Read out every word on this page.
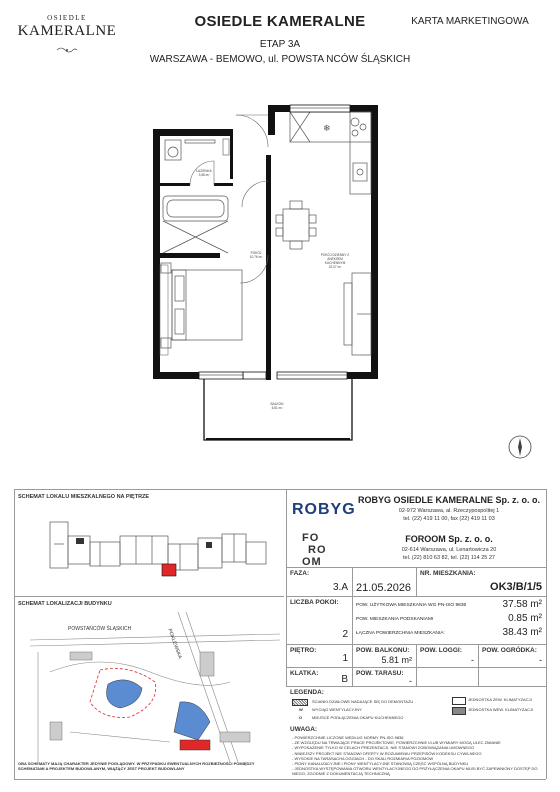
OSIEDLE
KAMERALNE
OSIEDLE KAMERALNE
ETAP 3A
WARSZAWA - BEMOWO, ul. POWSTA NCÓW ŚLĄSKICH
KARTA MARKETINGOWA
❄
ŁAZIENKA
3,58 m²
POKÓJ
10,76 m²	POKÓJ DZIENNY Z
ANEKSEM
KUCHENNYM
22,07 m²
BALKON
5,81 m²
SCHEMAT LOKALU MIESZKALNEGO NA PIĘTRZE
SCHEMAT LOKALIZACJI BUDYNKU
POWSTAŃCÓW ŚLĄSKICH	POKLEWSKA
OBA SCHEMATY MAJĄ CHARAKTER JEDYNIE POGLĄDOWY. W PRZYPADKU EWENTUALNYCH ROZBIEŻNOŚCI POMIĘDZY SCHEMATAMI A PROJEKTEM BUDOWLANYM, WIĄŻĄCY JEST PROJEKT BUDOWLANY
ROBYG
ROBYG OSIEDLE KAMERALNE Sp. z. o. o.
02-972 Warszawa, al. Rzeczypospolitej 1
tel. (22) 419 11 00, fax (22) 419 11 03
FO
RO
OM
FOROOM Sp. z. o. o.
02-614 Warszawa, ul. Lenartowicza 20
tel. (22) 810 63 82, tel. (22) 114 25 27
FAZA:
3.A 21.05.2026
NR. MIESZKANIA:
OK3/B/1/5
LICZBA POKOI:
2
POW. UŻYTKOWA MIESZKANIA WG PN-ISO 9836	37.58 m²
POW. MIESZKANIA PODSKANIAMI	0.85 m²
ŁĄCZNA POWIERZCHNIA MIESZKANIA:	38.43 m²
PIĘTRO:
1
POW. BALKONU:
5.81 m²
POW. LOGGI:
-
POW. OGRÓDKA:
-
KLATKA:
B
POW. TARASU:
-
LEGENDA:
ŚCIANKI DZIAŁOWE NADAJĄCE SIĘ DO DEMONTAŻU
W WYCIĄG WENTYLACYJNY
O MIEJSCE PODŁĄCZENIA OKAPU KUCHENNEGO
JEDNOSTKA ZEW. KLIMATYZACJI
JEDNOSTKA WEW. KLIMATYZACJI
UWAGA:
- POWIERZCHNIE LICZONE WEDŁUG NORMY PN-ISO 9836
- ZE WZGLĘDU NA TRWAJĄCE PRACE PROJEKTOWE, POWIERZCHNIE I/LUB WYMIARY MOGĄ ULEC ZMIANIE
- WYPOSAŻENIE TYLKO W CELACH PREZENTACJI, NIE STANOWI ZOBOWIĄZANIA UMOWNEGO
- NINIEJSZY PROJEKT NIE STANOWI OFERTY W ROZUMIENIU PRZEPISÓW KODEKSU CYWILNEGO
- WYSOKIE NA TARASACH/LOGGIACH - DO SKALI ROZMIAR/A POZIOMOW
- PIONY KANALIZACYJNE I PIONY WENTYLACYJNE STANOWIĄ CZĘŚĆ WSPÓLNĄ BUDYNKU
- JEDNOSTKA WYSTĘPOWANIA OTWORU WENTYLACYJNEGO DO PRZYŁĄCZENIA OKAPU MUSI BYĆ ZAPEWNIONY DOSTĘP DO
NIEGO, ZGODNIE Z DOKUMENTACJĄ TECHNICZNĄ
